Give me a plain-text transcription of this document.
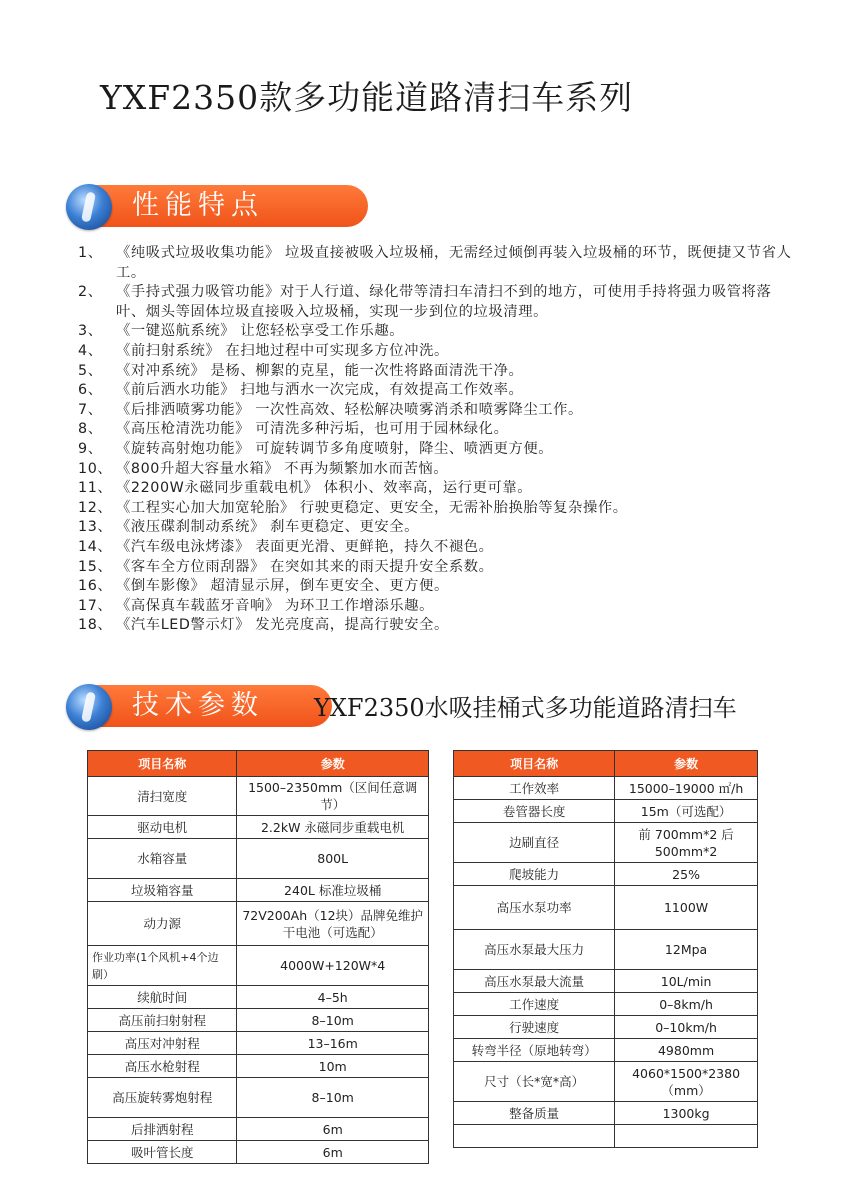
YXF2350款多功能道路清扫车系列
性能特点
1、 《纯吸式垃圾收集功能》 垃圾直接被吸入垃圾桶，无需经过倾倒再装入垃圾桶的环节，既便捷又节省人工。
2、 《手持式强力吸管功能》对于人行道、绿化带等清扫车清扫不到的地方，可使用手持将强力吸管将落叶、烟头等固体垃圾直接吸入垃圾桶，实现一步到位的垃圾清理。
3、 《一键巡航系统》 让您轻松享受工作乐趣。
4、 《前扫射系统》 在扫地过程中可实现多方位冲洗。
5、 《对冲系统》 是杨、柳絮的克星，能一次性将路面清洗干净。
6、 《前后洒水功能》 扫地与洒水一次完成，有效提高工作效率。
7、 《后排洒喷雾功能》 一次性高效、轻松解决喷雾消杀和喷雾降尘工作。
8、 《高压枪清洗功能》 可清洗多种污垢，也可用于园林绿化。
9、 《旋转高射炮功能》 可旋转调节多角度喷射，降尘、喷洒更方便。
10、 《800升超大容量水箱》 不再为频繁加水而苦恼。
11、 《2200W永磁同步重载电机》 体积小、效率高，运行更可靠。
12、 《工程实心加大加宽轮胎》 行驶更稳定、更安全，无需补胎换胎等复杂操作。
13、 《液压碟刹制动系统》 刹车更稳定、更安全。
14、 《汽车级电泳烤漆》 表面更光滑、更鲜艳，持久不褪色。
15、 《客车全方位雨刮器》 在突如其来的雨天提升安全系数。
16、 《倒车影像》 超清显示屏，倒车更安全、更方便。
17、 《高保真车载蓝牙音响》 为环卫工作增添乐趣。
18、 《汽车LED警示灯》 发光亮度高，提高行驶安全。
技术参数	YXF2350水吸挂桶式多功能道路清扫车
项目名称	参数
清扫宽度	1500–2350mm（区间任意调节）
驱动电机	2.2kW 永磁同步重载电机
水箱容量	800L
垃圾箱容量	240L 标准垃圾桶
动力源	72V200Ah（12块）品牌免维护干电池（可选配）
作业功率(1个风机+4个边刷）	4000W+120W*4
续航时间	4–5h
高压前扫射射程	8–10m
高压对冲射程	13–16m
高压水枪射程	10m
高压旋转雾炮射程	8–10m
后排洒射程	6m
吸叶管长度	6m
项目名称	参数
工作效率	15000–19000 ㎡/h
卷管器长度	15m（可选配）
边刷直径	前 700mm*2 后 500mm*2
爬坡能力	25%
高压水泵功率	1100W
高压水泵最大压力	12Mpa
高压水泵最大流量	10L/min
工作速度	0–8km/h
行驶速度	0–10km/h
转弯半径（原地转弯）	4980mm
尺寸（长*宽*高）	4060*1500*2380（mm）
整备质量	1300kg
